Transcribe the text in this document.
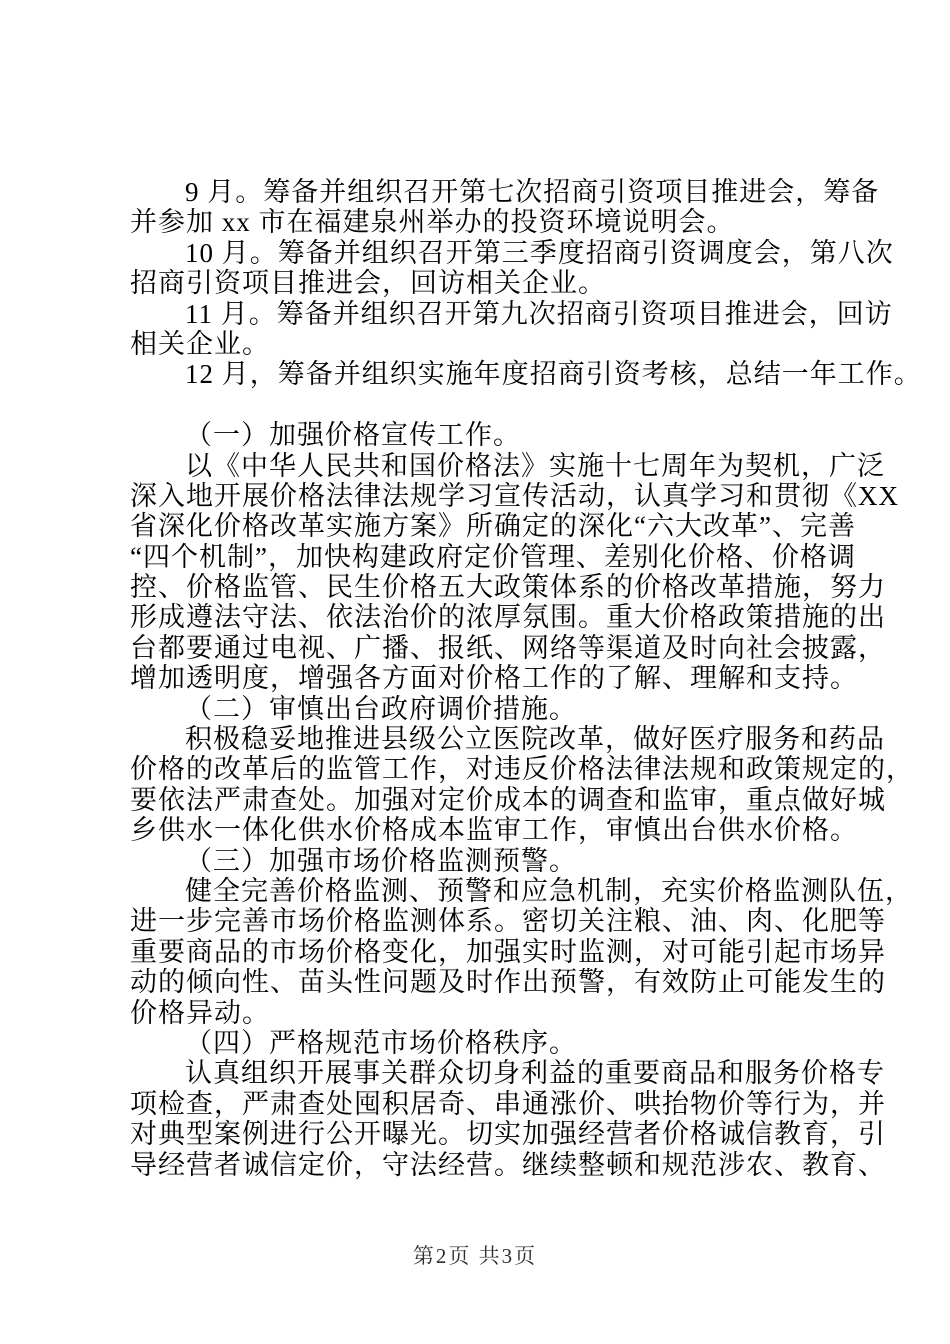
9 月。筹备并组织召开第七次招商引资项目推进会，筹备
并参加 xx 市在福建泉州举办的投资环境说明会。
10 月。筹备并组织召开第三季度招商引资调度会，第八次
招商引资项目推进会，回访相关企业。
11 月。筹备并组织召开第九次招商引资项目推进会，回访
相关企业。
12 月，筹备并组织实施年度招商引资考核，总结一年工作。
（一）加强价格宣传工作。
以《中华人民共和国价格法》实施十七周年为契机，广泛
深入地开展价格法律法规学习宣传活动，认真学习和贯彻《XX
省深化价格改革实施方案》所确定的深化“六大改革”、完善
“四个机制”，加快构建政府定价管理、差别化价格、价格调
控、价格监管、民生价格五大政策体系的价格改革措施，努力
形成遵法守法、依法治价的浓厚氛围。重大价格政策措施的出
台都要通过电视、广播、报纸、网络等渠道及时向社会披露，
增加透明度，增强各方面对价格工作的了解、理解和支持。
（二）审慎出台政府调价措施。
积极稳妥地推进县级公立医院改革，做好医疗服务和药品
价格的改革后的监管工作，对违反价格法律法规和政策规定的，
要依法严肃查处。加强对定价成本的调查和监审，重点做好城
乡供水一体化供水价格成本监审工作，审慎出台供水价格。
（三）加强市场价格监测预警。
健全完善价格监测、预警和应急机制，充实价格监测队伍，
进一步完善市场价格监测体系。密切关注粮、油、肉、化肥等
重要商品的市场价格变化，加强实时监测，对可能引起市场异
动的倾向性、苗头性问题及时作出预警，有效防止可能发生的
价格异动。
（四）严格规范市场价格秩序。
认真组织开展事关群众切身利益的重要商品和服务价格专
项检查，严肃查处囤积居奇、串通涨价、哄抬物价等行为，并
对典型案例进行公开曝光。切实加强经营者价格诚信教育，引
导经营者诚信定价，守法经营。继续整顿和规范涉农、教育、
第2页 共3页
